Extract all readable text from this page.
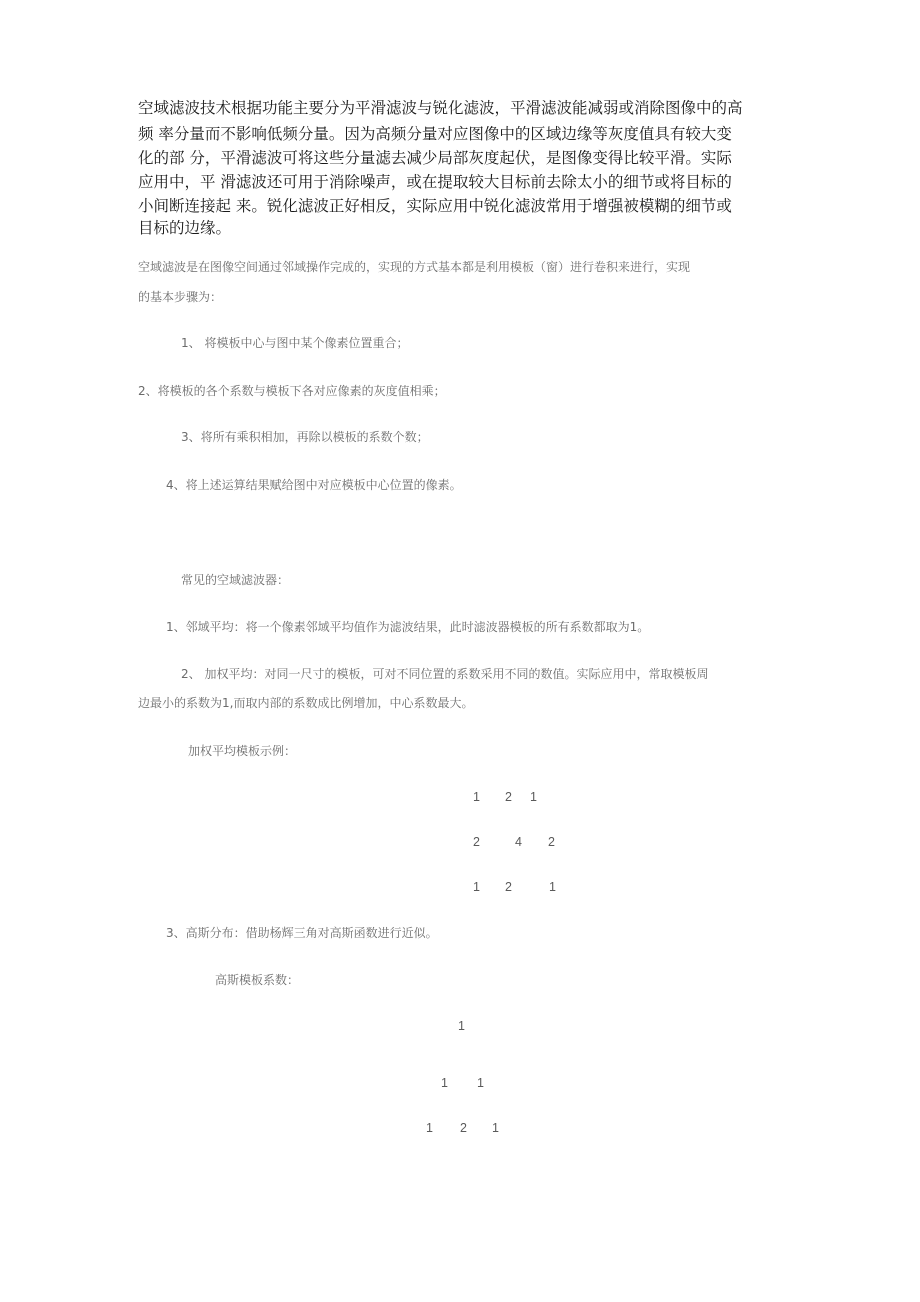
空域滤波技术根据功能主要分为平滑滤波与锐化滤波，平滑滤波能减弱或消除图像中的高

频 率分量而不影响低频分量。因为高频分量对应图像中的区域边缘等灰度值具有较大变

化的部 分，平滑滤波可将这些分量滤去减少局部灰度起伏，是图像变得比较平滑。实际

应用中，平 滑滤波还可用于消除噪声，或在提取较大目标前去除太小的细节或将目标的

小间断连接起 来。锐化滤波正好相反，实际应用中锐化滤波常用于增强被模糊的细节或

目标的边缘。

空域滤波是在图像空间通过邻域操作完成的，实现的方式基本都是利用模板（窗）进行卷积来进行，实现

的基本步骤为：

1、 将模板中心与图中某个像素位置重合；

2、将模板的各个系数与模板下各对应像素的灰度值相乘；

3、将所有乘积相加，再除以模板的系数个数；

4、将上述运算结果赋给图中对应模板中心位置的像素。

常见的空域滤波器：

1、邻域平均：将一个像素邻域平均值作为滤波结果，此时滤波器模板的所有系数都取为1。

2、 加权平均：对同一尺寸的模板，可对不同位置的系数采用不同的数值。实际应用中，常取模板周

边最小的系数为1,而取内部的系数成比例增加，中心系数最大。

加权平均模板示例：

1 2 1
2	4 2
1 2	1

3、高斯分布：借助杨辉三角对高斯函数进行近似。

高斯模板系数：

1
1 1
1 2 1
